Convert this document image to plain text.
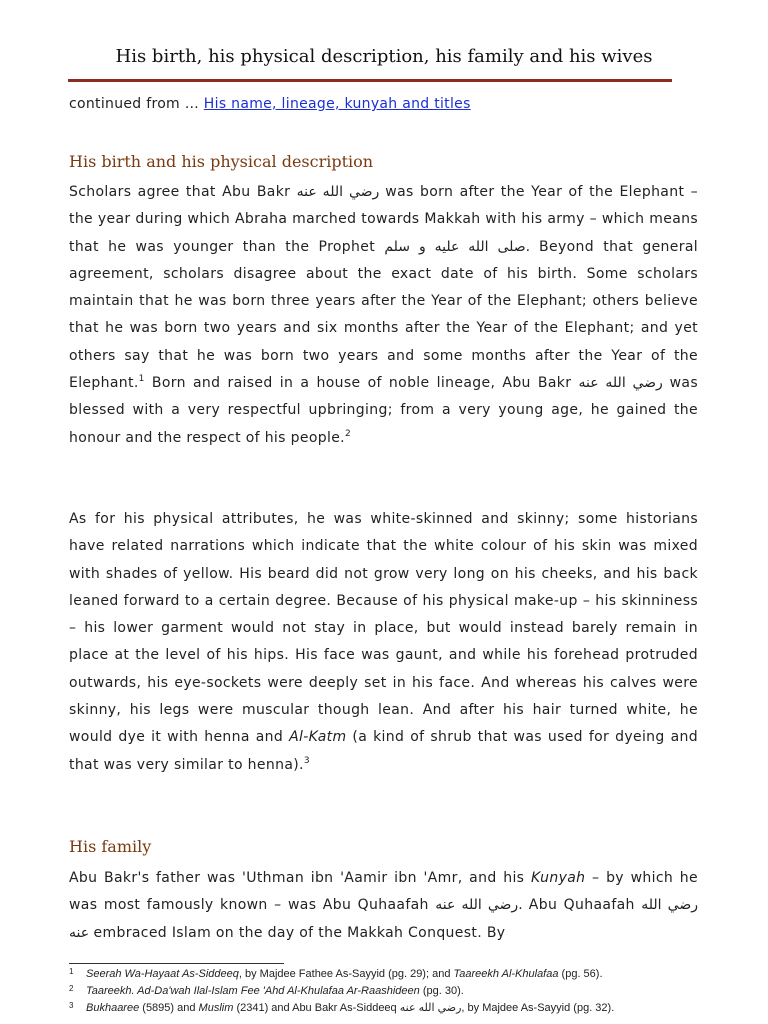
His birth, his physical description, his family and his wives
continued from … His name, lineage, kunyah and titles
His birth and his physical description

Scholars agree that Abu Bakr رضي الله عنه was born after the Year of the Elephant – the year during which Abraha marched towards Makkah with his army – which means that he was younger than the Prophet صلى الله عليه و سلم. Beyond that general agreement, scholars disagree about the exact date of his birth. Some scholars maintain that he was born three years after the Year of the Elephant; others believe that he was born two years and six months after the Year of the Elephant; and yet others say that he was born two years and some months after the Year of the Elephant.$^1$ Born and raised in a house of noble lineage, Abu Bakr رضي الله عنه was blessed with a very respectful upbringing; from a very young age, he gained the honour and the respect of his people.$^2$

As for his physical attributes, he was white-skinned and skinny; some historians have related narrations which indicate that the white colour of his skin was mixed with shades of yellow. His beard did not grow very long on his cheeks, and his back leaned forward to a certain degree. Because of his physical make-up – his skinniness – his lower garment would not stay in place, but would instead barely remain in place at the level of his hips. His face was gaunt, and while his forehead protruded outwards, his eye-sockets were deeply set in his face. And whereas his calves were skinny, his legs were muscular though lean. And after his hair turned white, he would dye it with henna and Al-Katm (a kind of shrub that was used for dyeing and that was very similar to henna).$^3$

His family

Abu Bakr's father was 'Uthman ibn 'Aamir ibn 'Amr, and his Kunyah – by which he was most famously known – was Abu Quhaafah رضي الله عنه. Abu Quhaafah رضي الله عنه embraced Islam on the day of the Makkah Conquest. By

1 Seerah Wa-Hayaat As-Siddeeq, by Majdee Fathee As-Sayyid (pg. 29); and Taareekh Al-Khulafaa (pg. 56).
2 Taareekh. Ad-Da'wah Ilal-Islam Fee 'Ahd Al-Khulafaa Ar-Raashideen (pg. 30).
3 Bukhaaree (5895) and Muslim (2341) and Abu Bakr As-Siddeeq رضي الله عنه, by Majdee As-Sayyid (pg. 32).
